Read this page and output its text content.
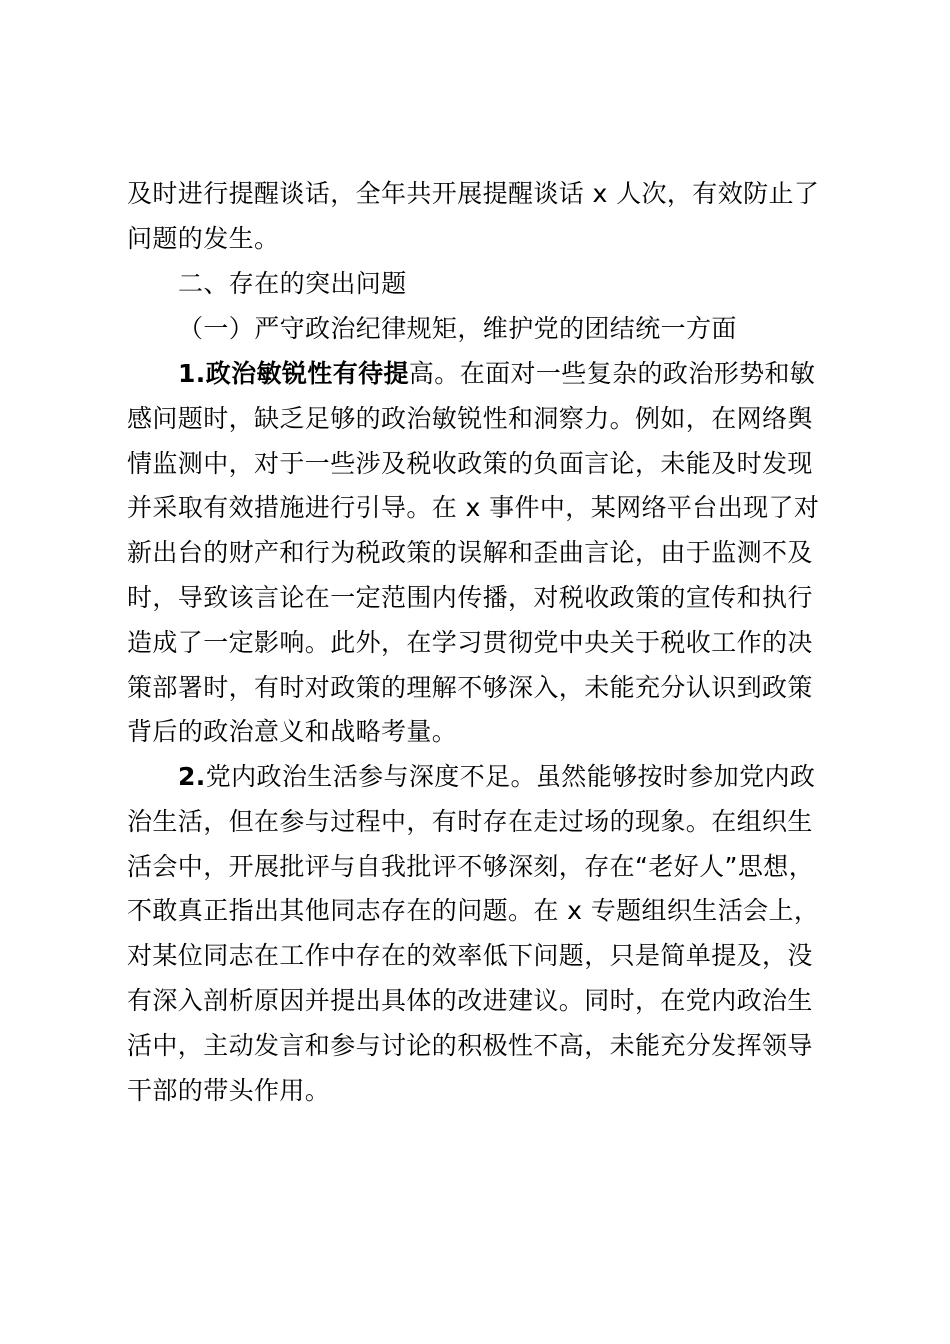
及时进行提醒谈话，全年共开展提醒谈话 x 人次，有效防止了
问题的发生。
二、存在的突出问题
（一）严守政治纪律规矩，维护党的团结统一方面
1.政治敏锐性有待提高。在面对一些复杂的政治形势和敏
感问题时，缺乏足够的政治敏锐性和洞察力。例如，在网络舆
情监测中，对于一些涉及税收政策的负面言论，未能及时发现
并采取有效措施进行引导。在 x 事件中，某网络平台出现了对
新出台的财产和行为税政策的误解和歪曲言论，由于监测不及
时，导致该言论在一定范围内传播，对税收政策的宣传和执行
造成了一定影响。此外，在学习贯彻党中央关于税收工作的决
策部署时，有时对政策的理解不够深入，未能充分认识到政策
背后的政治意义和战略考量。
2.党内政治生活参与深度不足。虽然能够按时参加党内政
治生活，但在参与过程中，有时存在走过场的现象。在组织生
活会中，开展批评与自我批评不够深刻，存在“老好人”思想，
不敢真正指出其他同志存在的问题。在 x 专题组织生活会上，
对某位同志在工作中存在的效率低下问题，只是简单提及，没
有深入剖析原因并提出具体的改进建议。同时，在党内政治生
活中，主动发言和参与讨论的积极性不高，未能充分发挥领导
干部的带头作用。
